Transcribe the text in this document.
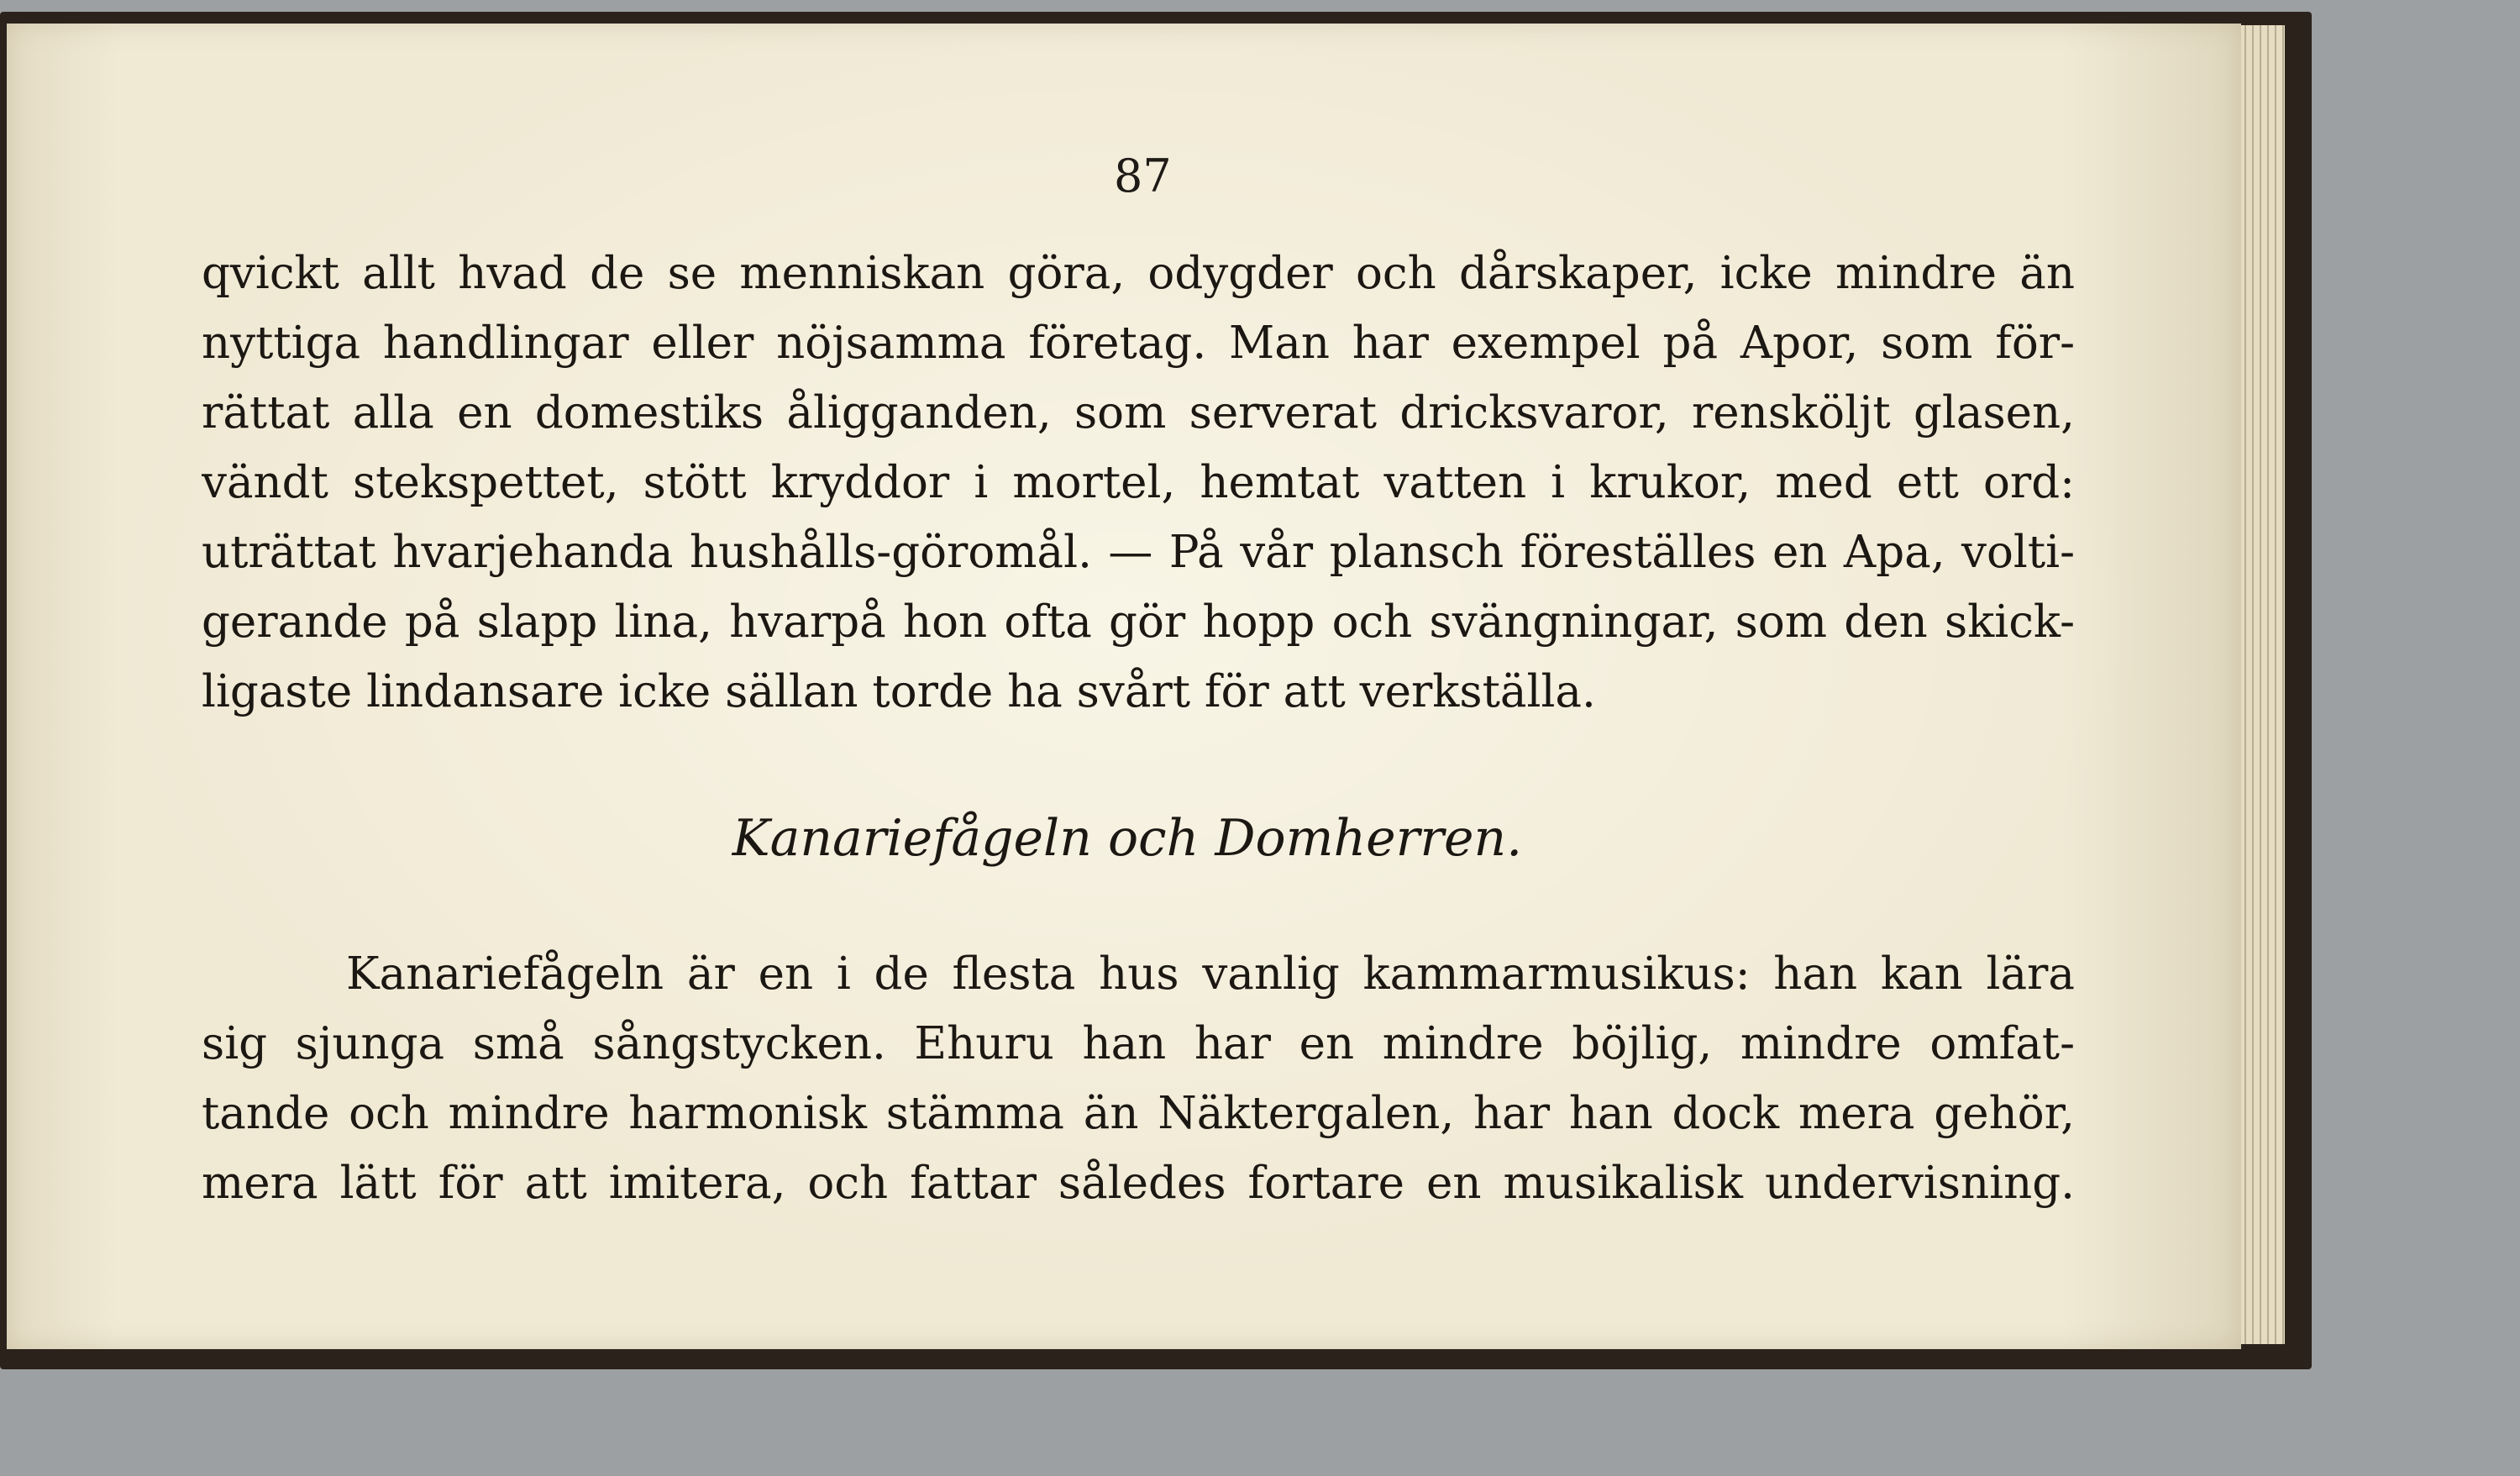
87
qvickt allt hvad de se menniskan göra, odygder och dårskaper, icke mindre än
nyttiga handlingar eller nöjsamma företag. Man har exempel på Apor, som för-
rättat alla en domestiks åligganden, som serverat dricksvaror, rensköljt glasen,
vändt stekspettet, stött kryddor i mortel, hemtat vatten i krukor, med ett ord:
uträttat hvarjehanda hushålls-göromål. — På vår plansch föreställes en Apa, volti-
gerande på slapp lina, hvarpå hon ofta gör hopp och svängningar, som den skick-
ligaste lindansare icke sällan torde ha svårt för att verkställa.
Kanariefågeln och Domherren.
Kanariefågeln är en i de flesta hus vanlig kammarmusikus: han kan lära
sig sjunga små sångstycken. Ehuru han har en mindre böjlig, mindre omfat-
tande och mindre harmonisk stämma än Näktergalen, har han dock mera gehör,
mera lätt för att imitera, och fattar således fortare en musikalisk undervisning.
